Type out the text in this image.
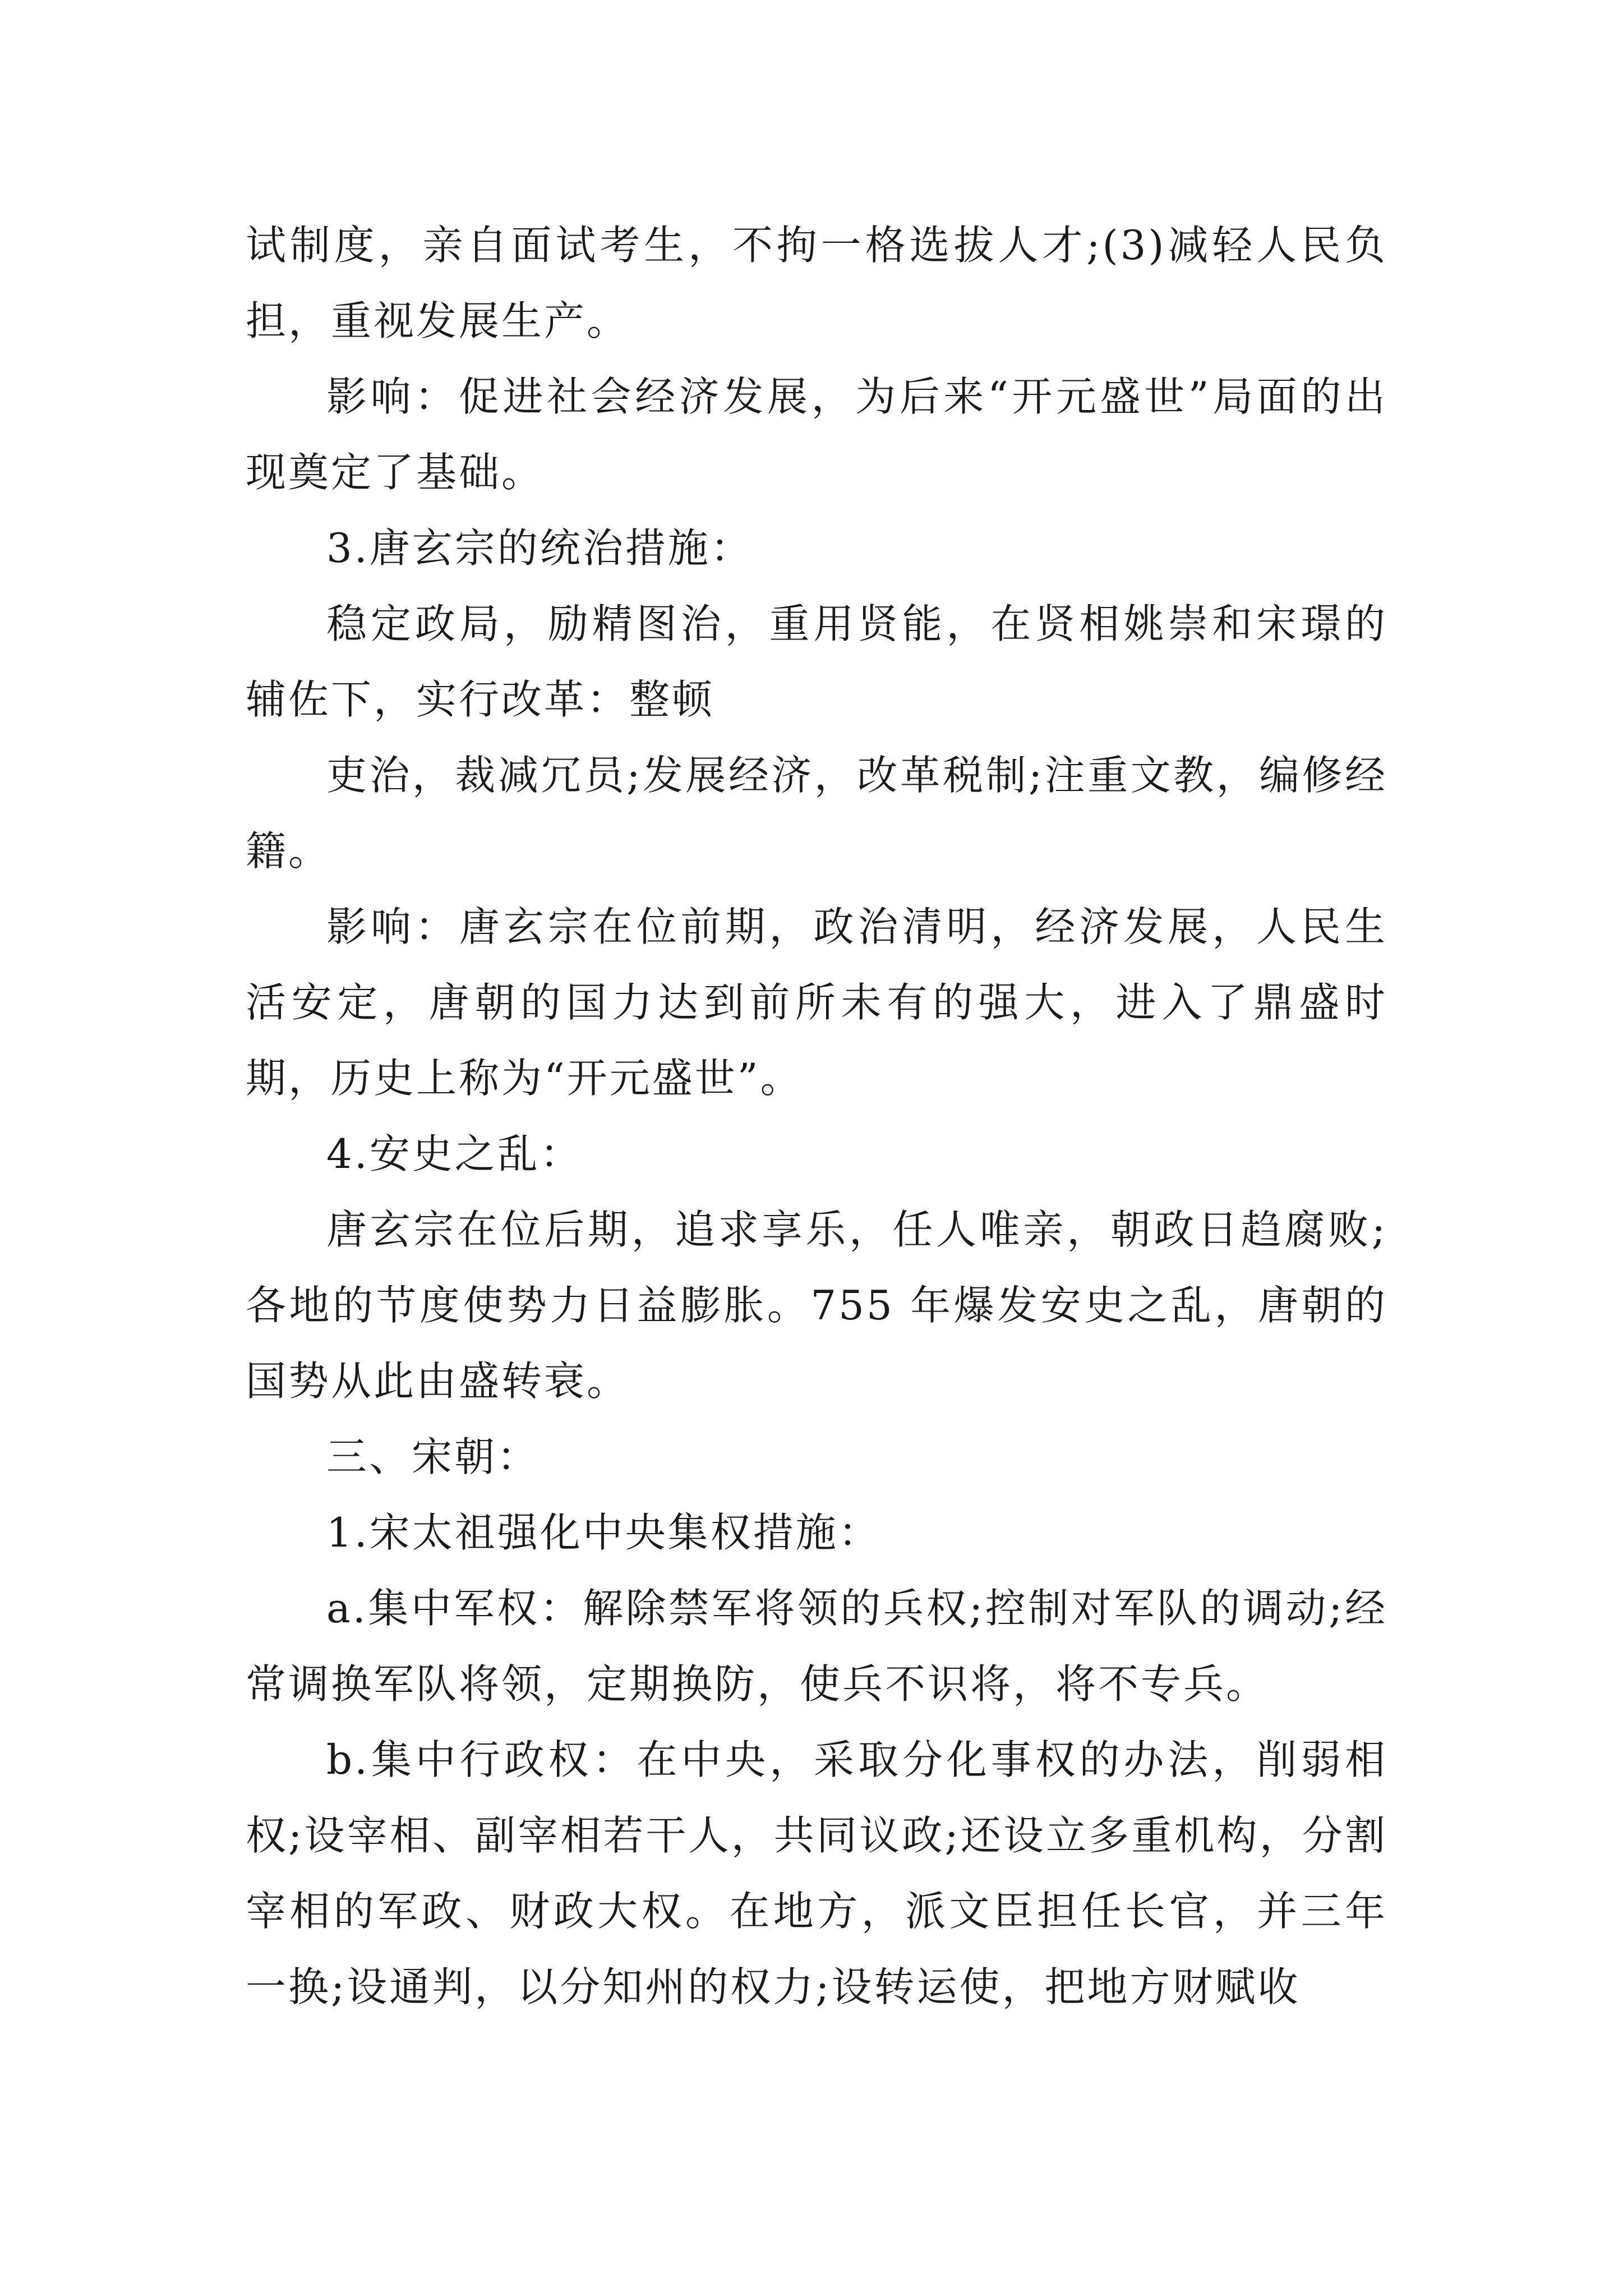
试制度，亲自面试考生，不拘一格选拔人才;(3)减轻人民负担，重视发展生产。

影响：促进社会经济发展，为后来“开元盛世”局面的出现奠定了基础。

3.唐玄宗的统治措施：

稳定政局，励精图治，重用贤能，在贤相姚崇和宋璟的辅佐下，实行改革：整顿

吏治，裁减冗员;发展经济，改革税制;注重文教，编修经籍。

影响：唐玄宗在位前期，政治清明，经济发展，人民生活安定，唐朝的国力达到前所未有的强大，进入了鼎盛时期，历史上称为“开元盛世”。

4.安史之乱：

唐玄宗在位后期，追求享乐，任人唯亲，朝政日趋腐败;各地的节度使势力日益膨胀。755 年爆发安史之乱，唐朝的国势从此由盛转衰。

三、宋朝：

1.宋太祖强化中央集权措施：

a.集中军权：解除禁军将领的兵权;控制对军队的调动;经常调换军队将领，定期换防，使兵不识将，将不专兵。

b.集中行政权：在中央，采取分化事权的办法，削弱相权;设宰相、副宰相若干人，共同议政;还设立多重机构，分割宰相的军政、财政大权。在地方，派文臣担任长官，并三年一换;设通判，以分知州的权力;设转运使，把地方财赋收
